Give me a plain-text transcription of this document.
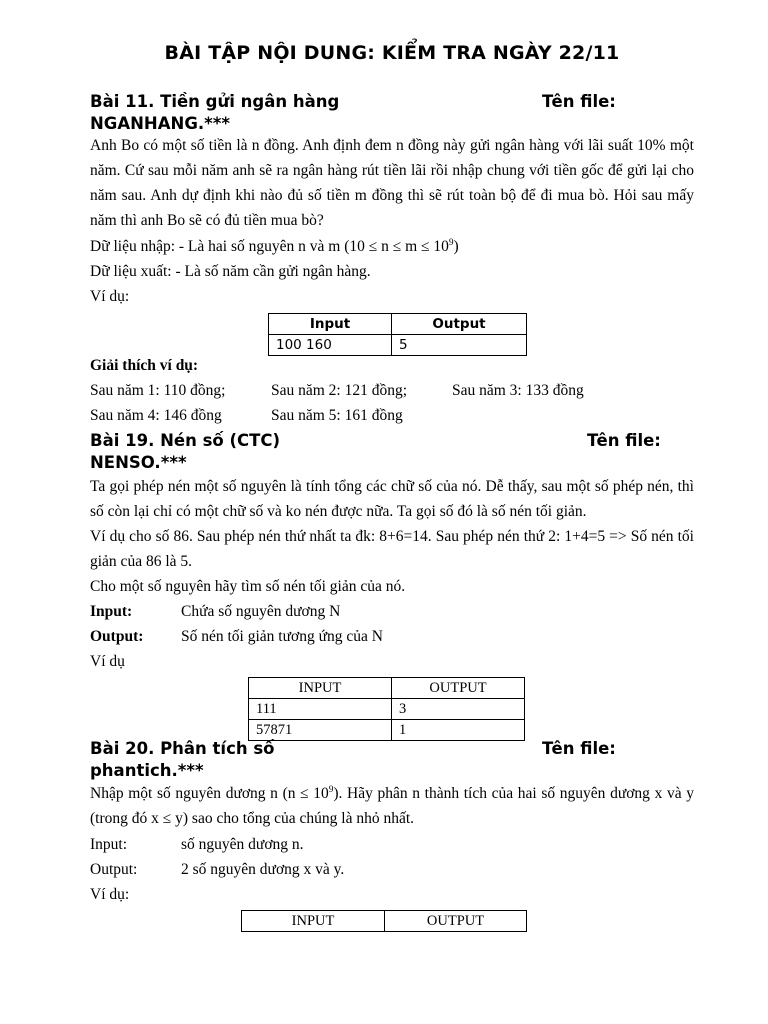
BÀI TẬP NỘI DUNG: KIỂM TRA NGÀY 22/11
Bài 11. Tiền gửi ngân hàng	Tên file:
NGANHANG.***
Anh Bo có một số tiền là n đồng. Anh định đem n đồng này gửi ngân hàng với lãi suất 10% một năm. Cứ sau mỗi năm anh sẽ ra ngân hàng rút tiền lãi rồi nhập chung với tiền gốc để gửi lại cho năm sau. Anh dự định khi nào đủ số tiền m đồng thì sẽ rút toàn bộ để đi mua bò. Hỏi sau mấy năm thì anh Bo sẽ có đủ tiền mua bò?
Dữ liệu nhập: - Là hai số nguyên n và m $(10 \le n \le m \le 10^9)$
Dữ liệu xuất: - Là số năm cần gửi ngân hàng.
Ví dụ:
Input	Output
100 160	5
Giải thích ví dụ:
Sau năm 1: 110 đồng;	Sau năm 2: 121 đồng;	Sau năm 3: 133 đồng
Sau năm 4: 146 đồng	Sau năm 5: 161 đồng
Bài 19. Nén số (CTC)	Tên file:
NENSO.***
Ta gọi phép nén một số nguyên là tính tổng các chữ số của nó. Dễ thấy, sau một số phép nén, thì số còn lại chỉ có một chữ số và ko nén được nữa. Ta gọi số đó là số nén tối giản.
Ví dụ cho số 86. Sau phép nén thứ nhất ta đk: 8+6=14. Sau phép nén thứ 2: 1+4=5 => Số nén tối giản của 86 là 5.
Cho một số nguyên hãy tìm số nén tối giản của nó.
Input:	Chứa số nguyên dương N
Output: Số nén tối giản tương ứng của N
Ví dụ
INPUT	OUTPUT
111	3
57871	1
Bài 20. Phân tích số	Tên file:
phantich.***
Nhập một số nguyên dương n $(n \le 10^9)$. Hãy phân n thành tích của hai số nguyên dương x và y (trong đó x ≤ y) sao cho tổng của chúng là nhỏ nhất.
Input:	số nguyên dương n.
Output:	2 số nguyên dương x và y.
Ví dụ:
INPUT	OUTPUT
